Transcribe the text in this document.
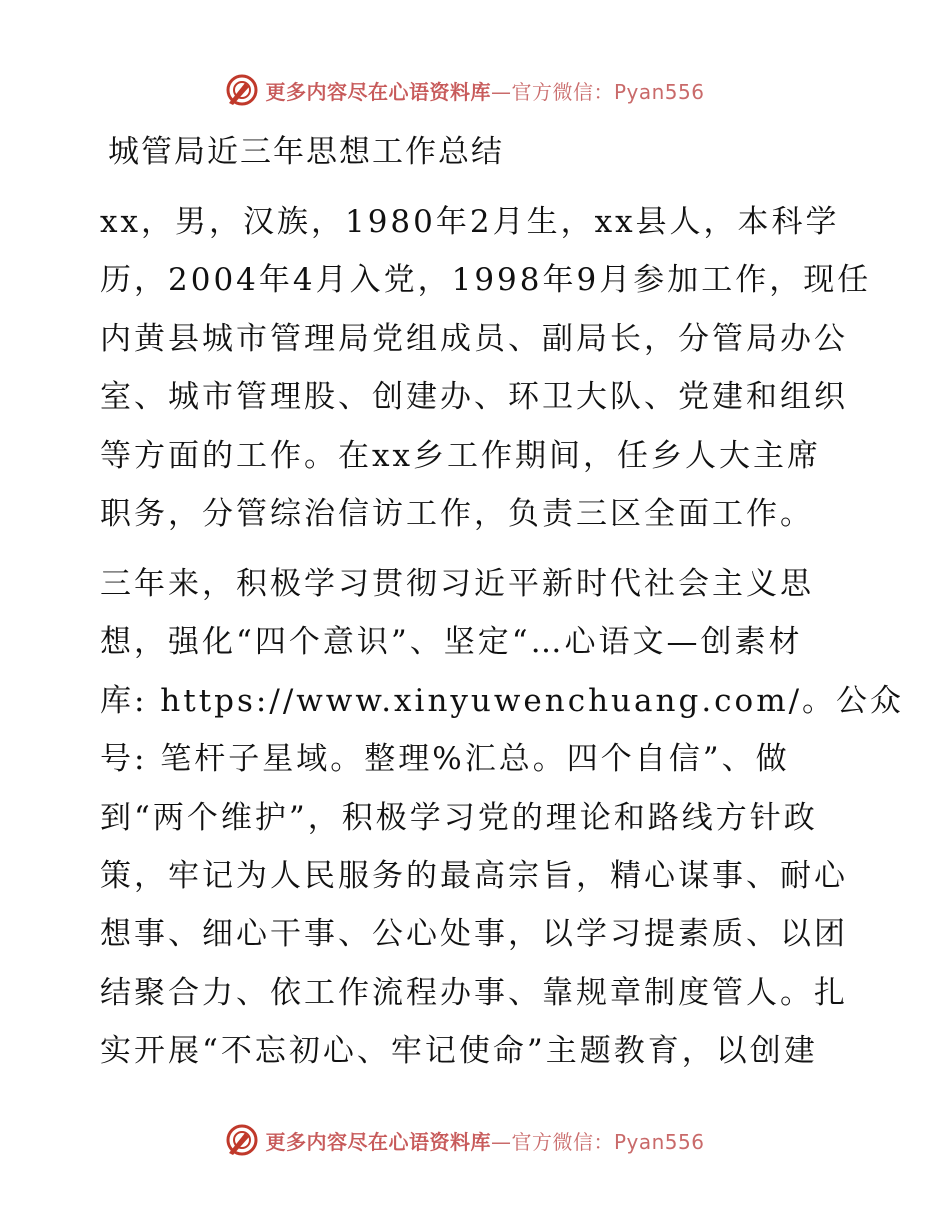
更多内容尽在心语资料库—官方微信：Pyan556
城管局近三年思想工作总结
xx，男，汉族，1980年2月生，xx县人，本科学
历，2004年4月入党，1998年9月参加工作，现任
内黄县城市管理局党组成员、副局长，分管局办公
室、城市管理股、创建办、环卫大队、党建和组织
等方面的工作。在xx乡工作期间，任乡人大主席
职务，分管综治信访工作，负责三区全面工作。
三年来，积极学习贯彻习近平新时代社会主义思
想，强化“四个意识”、坚定“…心语文—创素材
库: https://www.xinyuwenchuang.com/。公众
号: 笔杆子星域。整理%汇总。四个自信”、做
到“两个维护”，积极学习党的理论和路线方针政
策，牢记为人民服务的最高宗旨，精心谋事、耐心
想事、细心干事、公心处事，以学习提素质、以团
结聚合力、依工作流程办事、靠规章制度管人。扎
实开展“不忘初心、牢记使命”主题教育，以创建
更多内容尽在心语资料库—官方微信：Pyan556
